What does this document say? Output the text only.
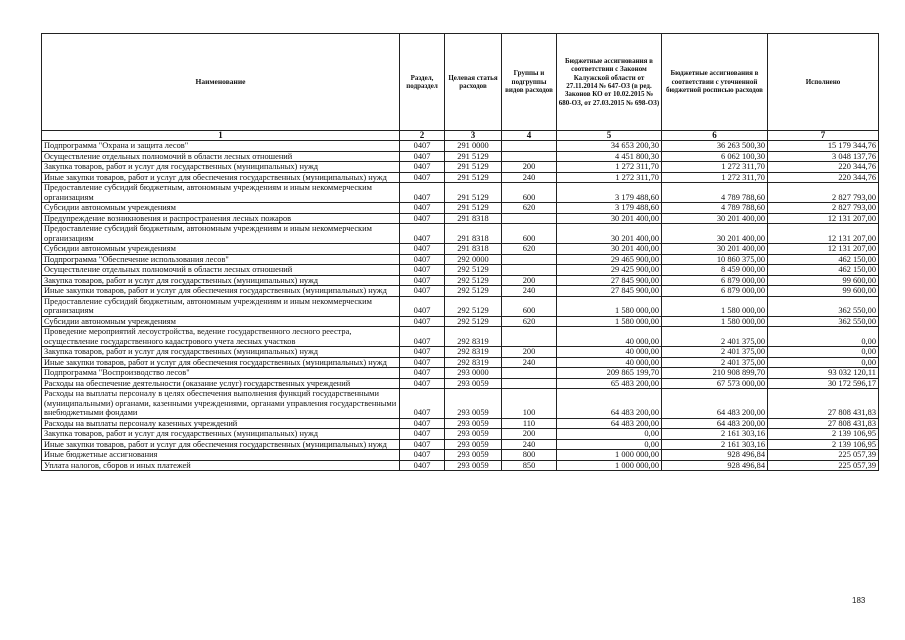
Наименование	Раздел, подраздел	Целевая статья расходов	Группы и подгруппы видов расходов	Бюджетные ассигнования в соответствии с Законом Калужской области от 27.11.2014 № 647-ОЗ (в ред. Законов КО от 10.02.2015 № 680-ОЗ, от 27.03.2015 № 698-ОЗ)	Бюджетные ассигнования в соответствии с уточненной бюджетной росписью расходов	Исполнено
1	2	3	4	5	6	7
Подпрограмма "Охрана и защита лесов"	0407	291 0000		34 653 200,30	36 263 500,30	15 179 344,76
Осуществление отдельных полномочий в области лесных отношений	0407	291 5129		4 451 800,30	6 062 100,30	3 048 137,76
Закупка товаров, работ и услуг для государственных (муниципальных) нужд	0407	291 5129	200	1 272 311,70	1 272 311,70	220 344,76
Иные закупки товаров, работ и услуг для обеспечения государственных (муниципальных) нужд	0407	291 5129	240	1 272 311,70	1 272 311,70	220 344,76
Предоставление субсидий бюджетным, автономным учреждениям и иным некоммерческим организациям	0407	291 5129	600	3 179 488,60	4 789 788,60	2 827 793,00
Субсидии автономным учреждениям	0407	291 5129	620	3 179 488,60	4 789 788,60	2 827 793,00
Предупреждение возникновения и распространения лесных пожаров	0407	291 8318		30 201 400,00	30 201 400,00	12 131 207,00
Предоставление субсидий бюджетным, автономным учреждениям и иным некоммерческим организациям	0407	291 8318	600	30 201 400,00	30 201 400,00	12 131 207,00
Субсидии автономным учреждениям	0407	291 8318	620	30 201 400,00	30 201 400,00	12 131 207,00
Подпрограмма "Обеспечение использования лесов"	0407	292 0000		29 465 900,00	10 860 375,00	462 150,00
Осуществление отдельных полномочий в области лесных отношений	0407	292 5129		29 425 900,00	8 459 000,00	462 150,00
Закупка товаров, работ и услуг для государственных (муниципальных) нужд	0407	292 5129	200	27 845 900,00	6 879 000,00	99 600,00
Иные закупки товаров, работ и услуг для обеспечения государственных (муниципальных) нужд	0407	292 5129	240	27 845 900,00	6 879 000,00	99 600,00
Предоставление субсидий бюджетным, автономным учреждениям и иным некоммерческим организациям	0407	292 5129	600	1 580 000,00	1 580 000,00	362 550,00
Субсидии автономным учреждениям	0407	292 5129	620	1 580 000,00	1 580 000,00	362 550,00
Проведение мероприятий лесоустройства, ведение государственного лесного реестра, осуществление государственного кадастрового учета лесных участков	0407	292 8319		40 000,00	2 401 375,00	0,00
Закупка товаров, работ и услуг для государственных (муниципальных) нужд	0407	292 8319	200	40 000,00	2 401 375,00	0,00
Иные закупки товаров, работ и услуг для обеспечения государственных (муниципальных) нужд	0407	292 8319	240	40 000,00	2 401 375,00	0,00
Подпрограмма "Воспроизводство лесов"	0407	293 0000		209 865 199,70	210 908 899,70	93 032 120,11
Расходы на обеспечение деятельности (оказание услуг) государственных учреждений	0407	293 0059		65 483 200,00	67 573 000,00	30 172 596,17
Расходы на выплаты персоналу в целях обеспечения выполнения функций государственными (муниципальными) органами, казенными учреждениями, органами управления государственными внебюджетными фондами	0407	293 0059	100	64 483 200,00	64 483 200,00	27 808 431,83
Расходы на выплаты персоналу казенных учреждений	0407	293 0059	110	64 483 200,00	64 483 200,00	27 808 431,83
Закупка товаров, работ и услуг для государственных (муниципальных) нужд	0407	293 0059	200	0,00	2 161 303,16	2 139 106,95
Иные закупки товаров, работ и услуг для обеспечения государственных (муниципальных) нужд	0407	293 0059	240	0,00	2 161 303,16	2 139 106,95
Иные бюджетные ассигнования	0407	293 0059	800	1 000 000,00	928 496,84	225 057,39
Уплата налогов, сборов и иных платежей	0407	293 0059	850	1 000 000,00	928 496,84	225 057,39
183
